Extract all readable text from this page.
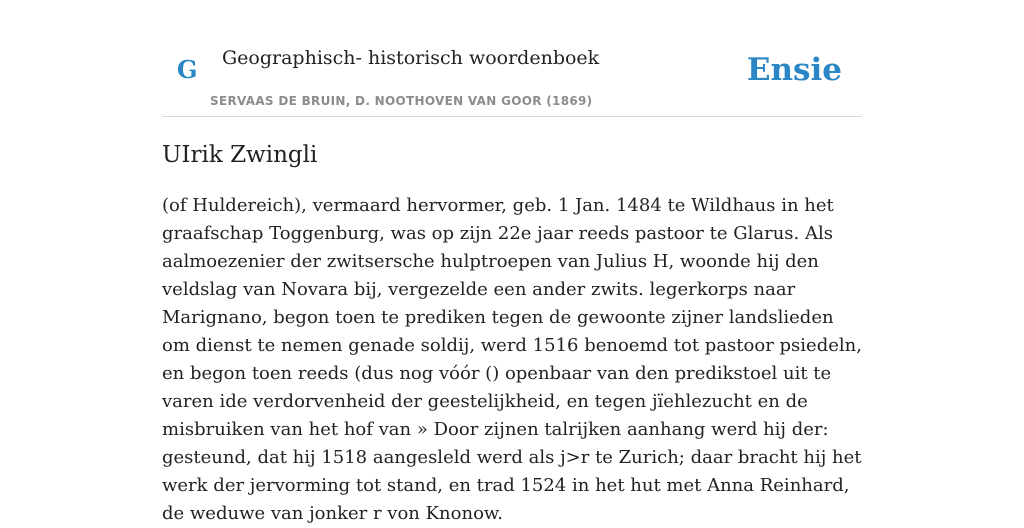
G Geographisch- historisch woordenboek
SERVAAS DE BRUIN, D. NOOTHOVEN VAN GOOR (1869)
Ensie
UIrik Zwingli

(of Huldereich), vermaard hervormer, geb. 1 Jan. 1484 te Wildhaus in het graafschap Toggenburg, was op zijn 22e jaar reeds pastoor te Glarus. Als aalmoezenier der zwitsersche hulptroepen van Julius H, woonde hij den veldslag van Novara bij, vergezelde een ander zwits. legerkorps naar Marignano, begon toen te prediken tegen de gewoonte zijner landslieden om dienst te nemen genade soldij, werd 1516 benoemd tot pastoor psiedeln, en begon toen reeds (dus nog vóór () openbaar van den predikstoel uit te varen ide verdorvenheid der geestelijkheid, en tegen jïehlezucht en de misbruiken van het hof van » Door zijnen talrijken aanhang werd hij der: gesteund, dat hij 1518 aangesleld werd als j>r te Zurich; daar bracht hij het werk der jervorming tot stand, en trad 1524 in het hut met Anna Reinhard, de weduwe van jonker r von Knonow.
